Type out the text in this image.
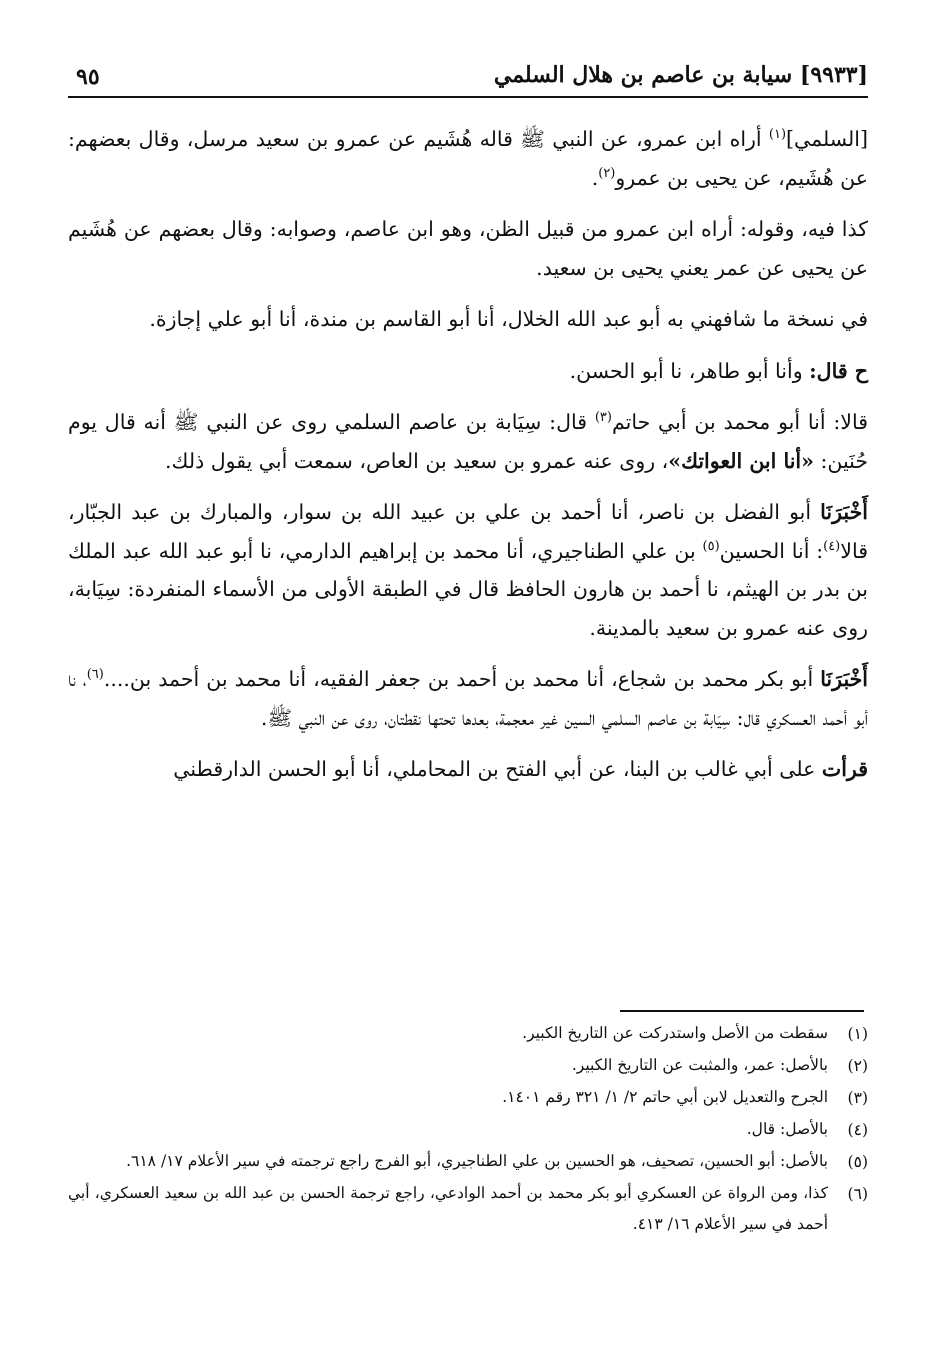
٩٥	[٩٩٣٣] سيابة بن عاصم بن هلال السلمي

[السلمي]$^{(١)}$ أراه ابن عمرو، عن النبي ﷺ قاله هُشَيم عن عمرو بن سعيد مرسل، وقال بعضهم: عن هُشَيم، عن يحيى بن عمرو$^{(٢)}$.

كذا فيه، وقوله: أراه ابن عمرو من قبيل الظن، وهو ابن عاصم، وصوابه: وقال بعضهم عن هُشَيم عن يحيى عن عمر يعني يحيى بن سعيد.

في نسخة ما شافهني به أبو عبد الله الخلال، أنا أبو القاسم بن مندة، أنا أبو علي إجازة.

ح قال: وأنا أبو طاهر، نا أبو الحسن.

قالا: أنا أبو محمد بن أبي حاتم$^{(٣)}$ قال: سِيَابة بن عاصم السلمي روى عن النبي ﷺ أنه قال يوم حُنَين: «أنا ابن العواتك»، روى عنه عمرو بن سعيد بن العاص، سمعت أبي يقول ذلك.

أَخْبَرَنَا أبو الفضل بن ناصر، أنا أحمد بن علي بن عبيد الله بن سوار، والمبارك بن عبد الجبّار، قالا$^{(٤)}$: أنا الحسين$^{(٥)}$ بن علي الطناجيري، أنا محمد بن إبراهيم الدارمي، نا أبو عبد الله عبد الملك بن بدر بن الهيثم، نا أحمد بن هارون الحافظ قال في الطبقة الأولى من الأسماء المنفردة: سِيَابة، روى عنه عمرو بن سعيد بالمدينة.

أَخْبَرَنَا أبو بكر محمد بن شجاع، أنا محمد بن أحمد بن جعفر الفقيه، أنا محمد بن أحمد بن....$^{(٦)}$، نا أبو أحمد العسكري قال: سِيَابة بن عاصم السلمي السين غير معجمة، بعدها تحتها نقطتان، روى عن النبي ﷺ.

قرأت على أبي غالب بن البنا، عن أبي الفتح بن المحاملي، أنا أبو الحسن الدارقطني

(١)
سقطت من الأصل واستدركت عن التاريخ الكبير.
(٢)
بالأصل: عمر، والمثبت عن التاريخ الكبير.
(٣)
الجرح والتعديل لابن أبي حاتم ٢/ ١/ ٣٢١ رقم ١٤٠١.
(٤)
بالأصل: قال.
(٥)
بالأصل: أبو الحسين، تصحيف، هو الحسين بن علي الطناجيري، أبو الفرج راجع ترجمته في سير الأعلام ١٧/ ٦١٨.
(٦)
كذا، ومن الرواة عن العسكري أبو بكر محمد بن أحمد الوادعي، راجع ترجمة الحسن بن عبد الله بن سعيد العسكري، أبي أحمد في سير الأعلام ١٦/ ٤١٣.
